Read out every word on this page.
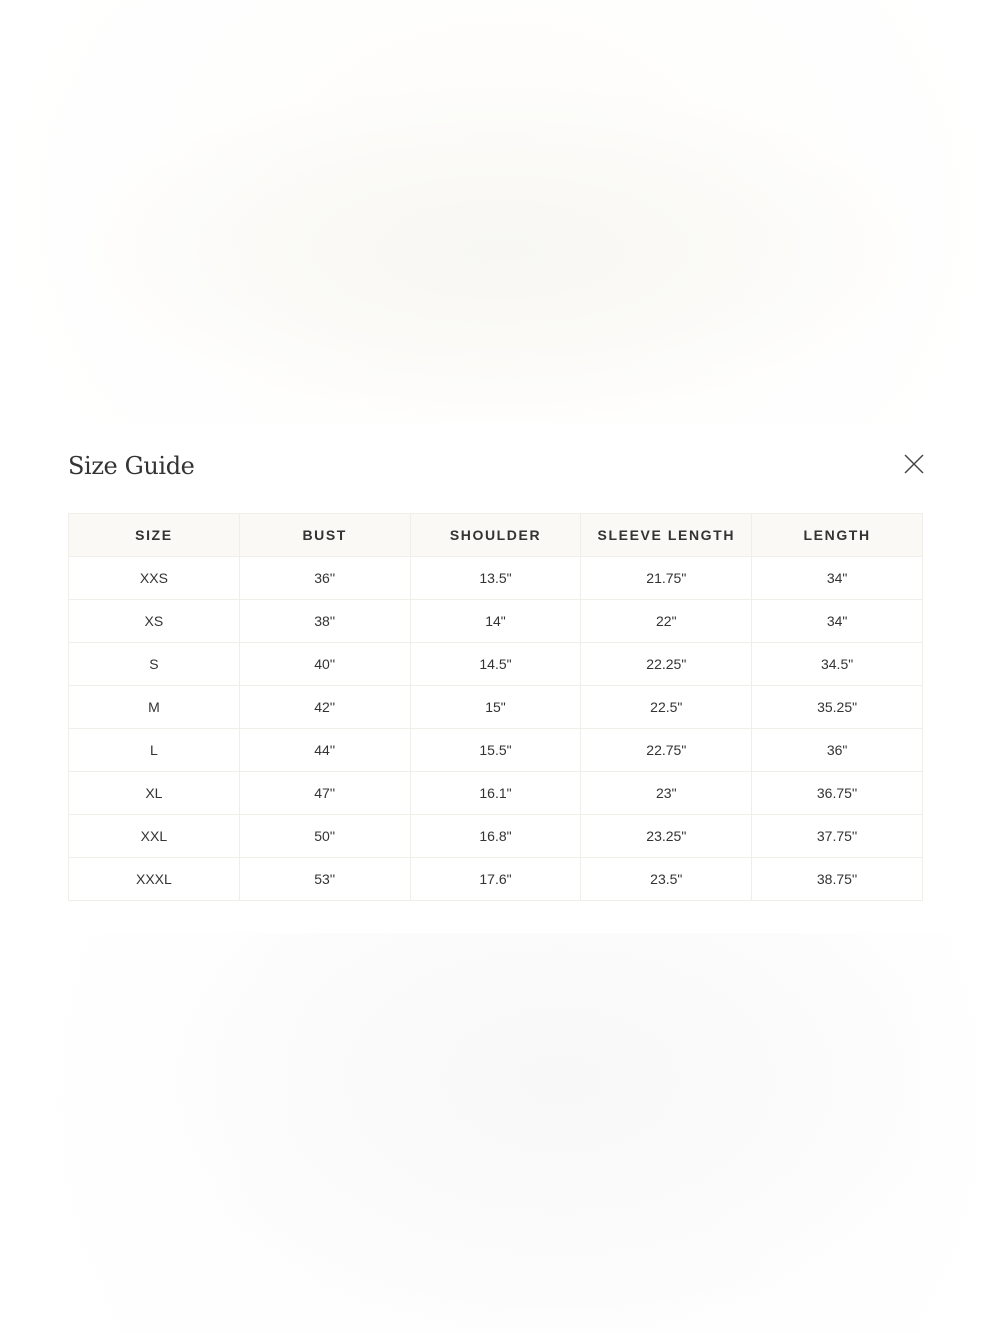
Size Guide
SIZE	BUST	SHOULDER	SLEEVE LENGTH	LENGTH
XXS	36''	13.5"	21.75"	34"
XS	38''	14"	22"	34"
S	40''	14.5"	22.25"	34.5"
M	42''	15"	22.5"	35.25"
L	44''	15.5"	22.75"	36"
XL	47''	16.1"	23"	36.75''
XXL	50''	16.8"	23.25"	37.75''
XXXL	53''	17.6"	23.5"	38.75''
